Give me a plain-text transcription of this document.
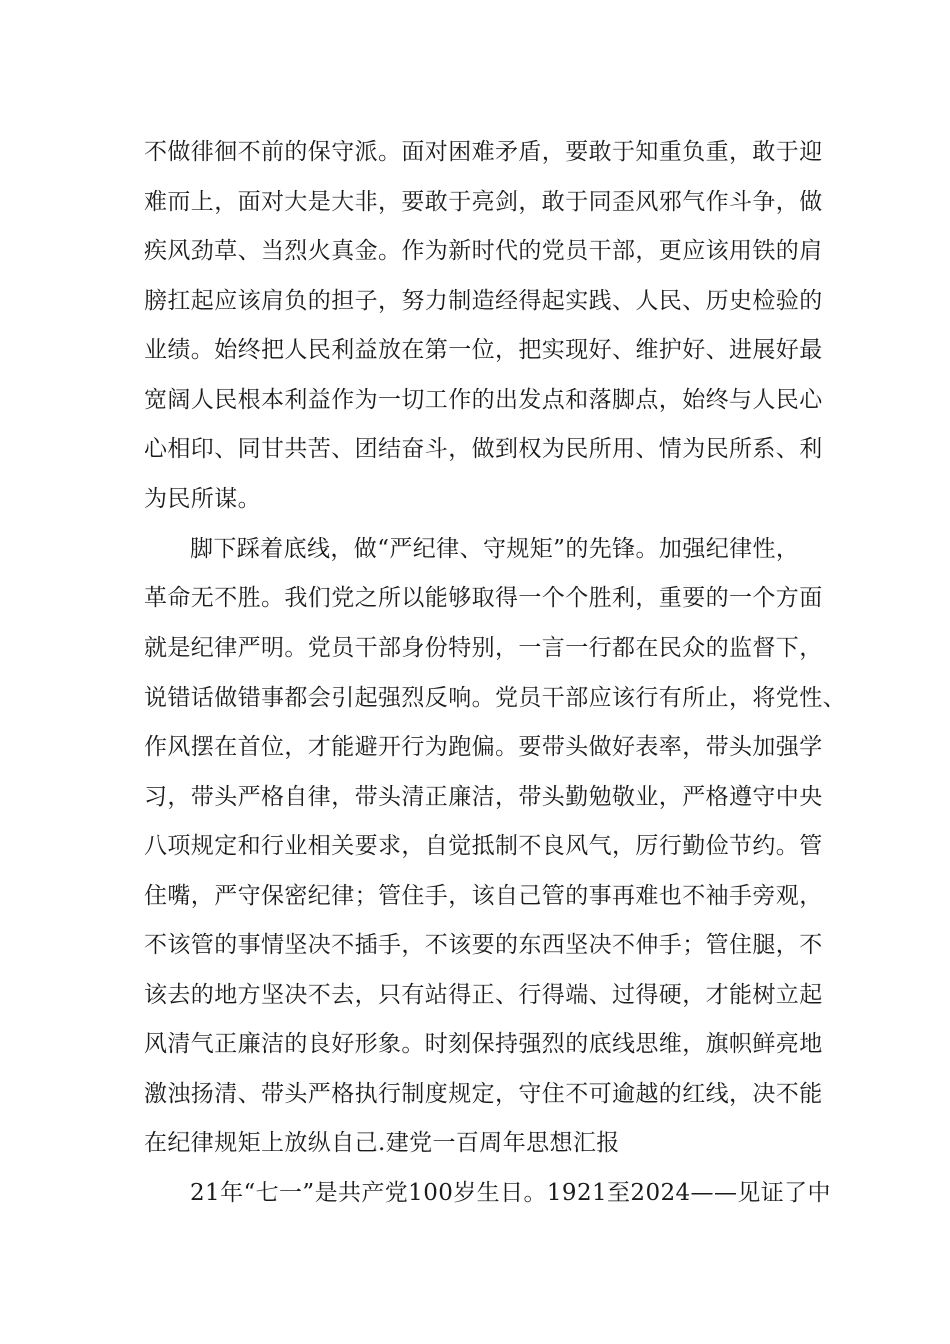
不做徘徊不前的保守派。面对困难矛盾，要敢于知重负重，敢于迎
难而上，面对大是大非，要敢于亮剑，敢于同歪风邪气作斗争，做
疾风劲草、当烈火真金。作为新时代的党员干部，更应该用铁的肩
膀扛起应该肩负的担子，努力制造经得起实践、人民、历史检验的
业绩。始终把人民利益放在第一位，把实现好、维护好、进展好最
宽阔人民根本利益作为一切工作的出发点和落脚点，始终与人民心
心相印、同甘共苦、团结奋斗，做到权为民所用、情为民所系、利
为民所谋。
脚下踩着底线，做“严纪律、守规矩”的先锋。加强纪律性，
革命无不胜。我们党之所以能够取得一个个胜利，重要的一个方面
就是纪律严明。党员干部身份特别，一言一行都在民众的监督下，
说错话做错事都会引起强烈反响。党员干部应该行有所止，将党性、
作风摆在首位，才能避开行为跑偏。要带头做好表率，带头加强学
习，带头严格自律，带头清正廉洁，带头勤勉敬业，严格遵守中央
八项规定和行业相关要求，自觉抵制不良风气，厉行勤俭节约。管
住嘴，严守保密纪律；管住手，该自己管的事再难也不袖手旁观，
不该管的事情坚决不插手，不该要的东西坚决不伸手；管住腿，不
该去的地方坚决不去，只有站得正、行得端、过得硬，才能树立起
风清气正廉洁的良好形象。时刻保持强烈的底线思维，旗帜鲜亮地
激浊扬清、带头严格执行制度规定，守住不可逾越的红线，决不能
在纪律规矩上放纵自己.建党一百周年思想汇报
21年“七一”是共产党100岁生日。1921至2024——见证了中
